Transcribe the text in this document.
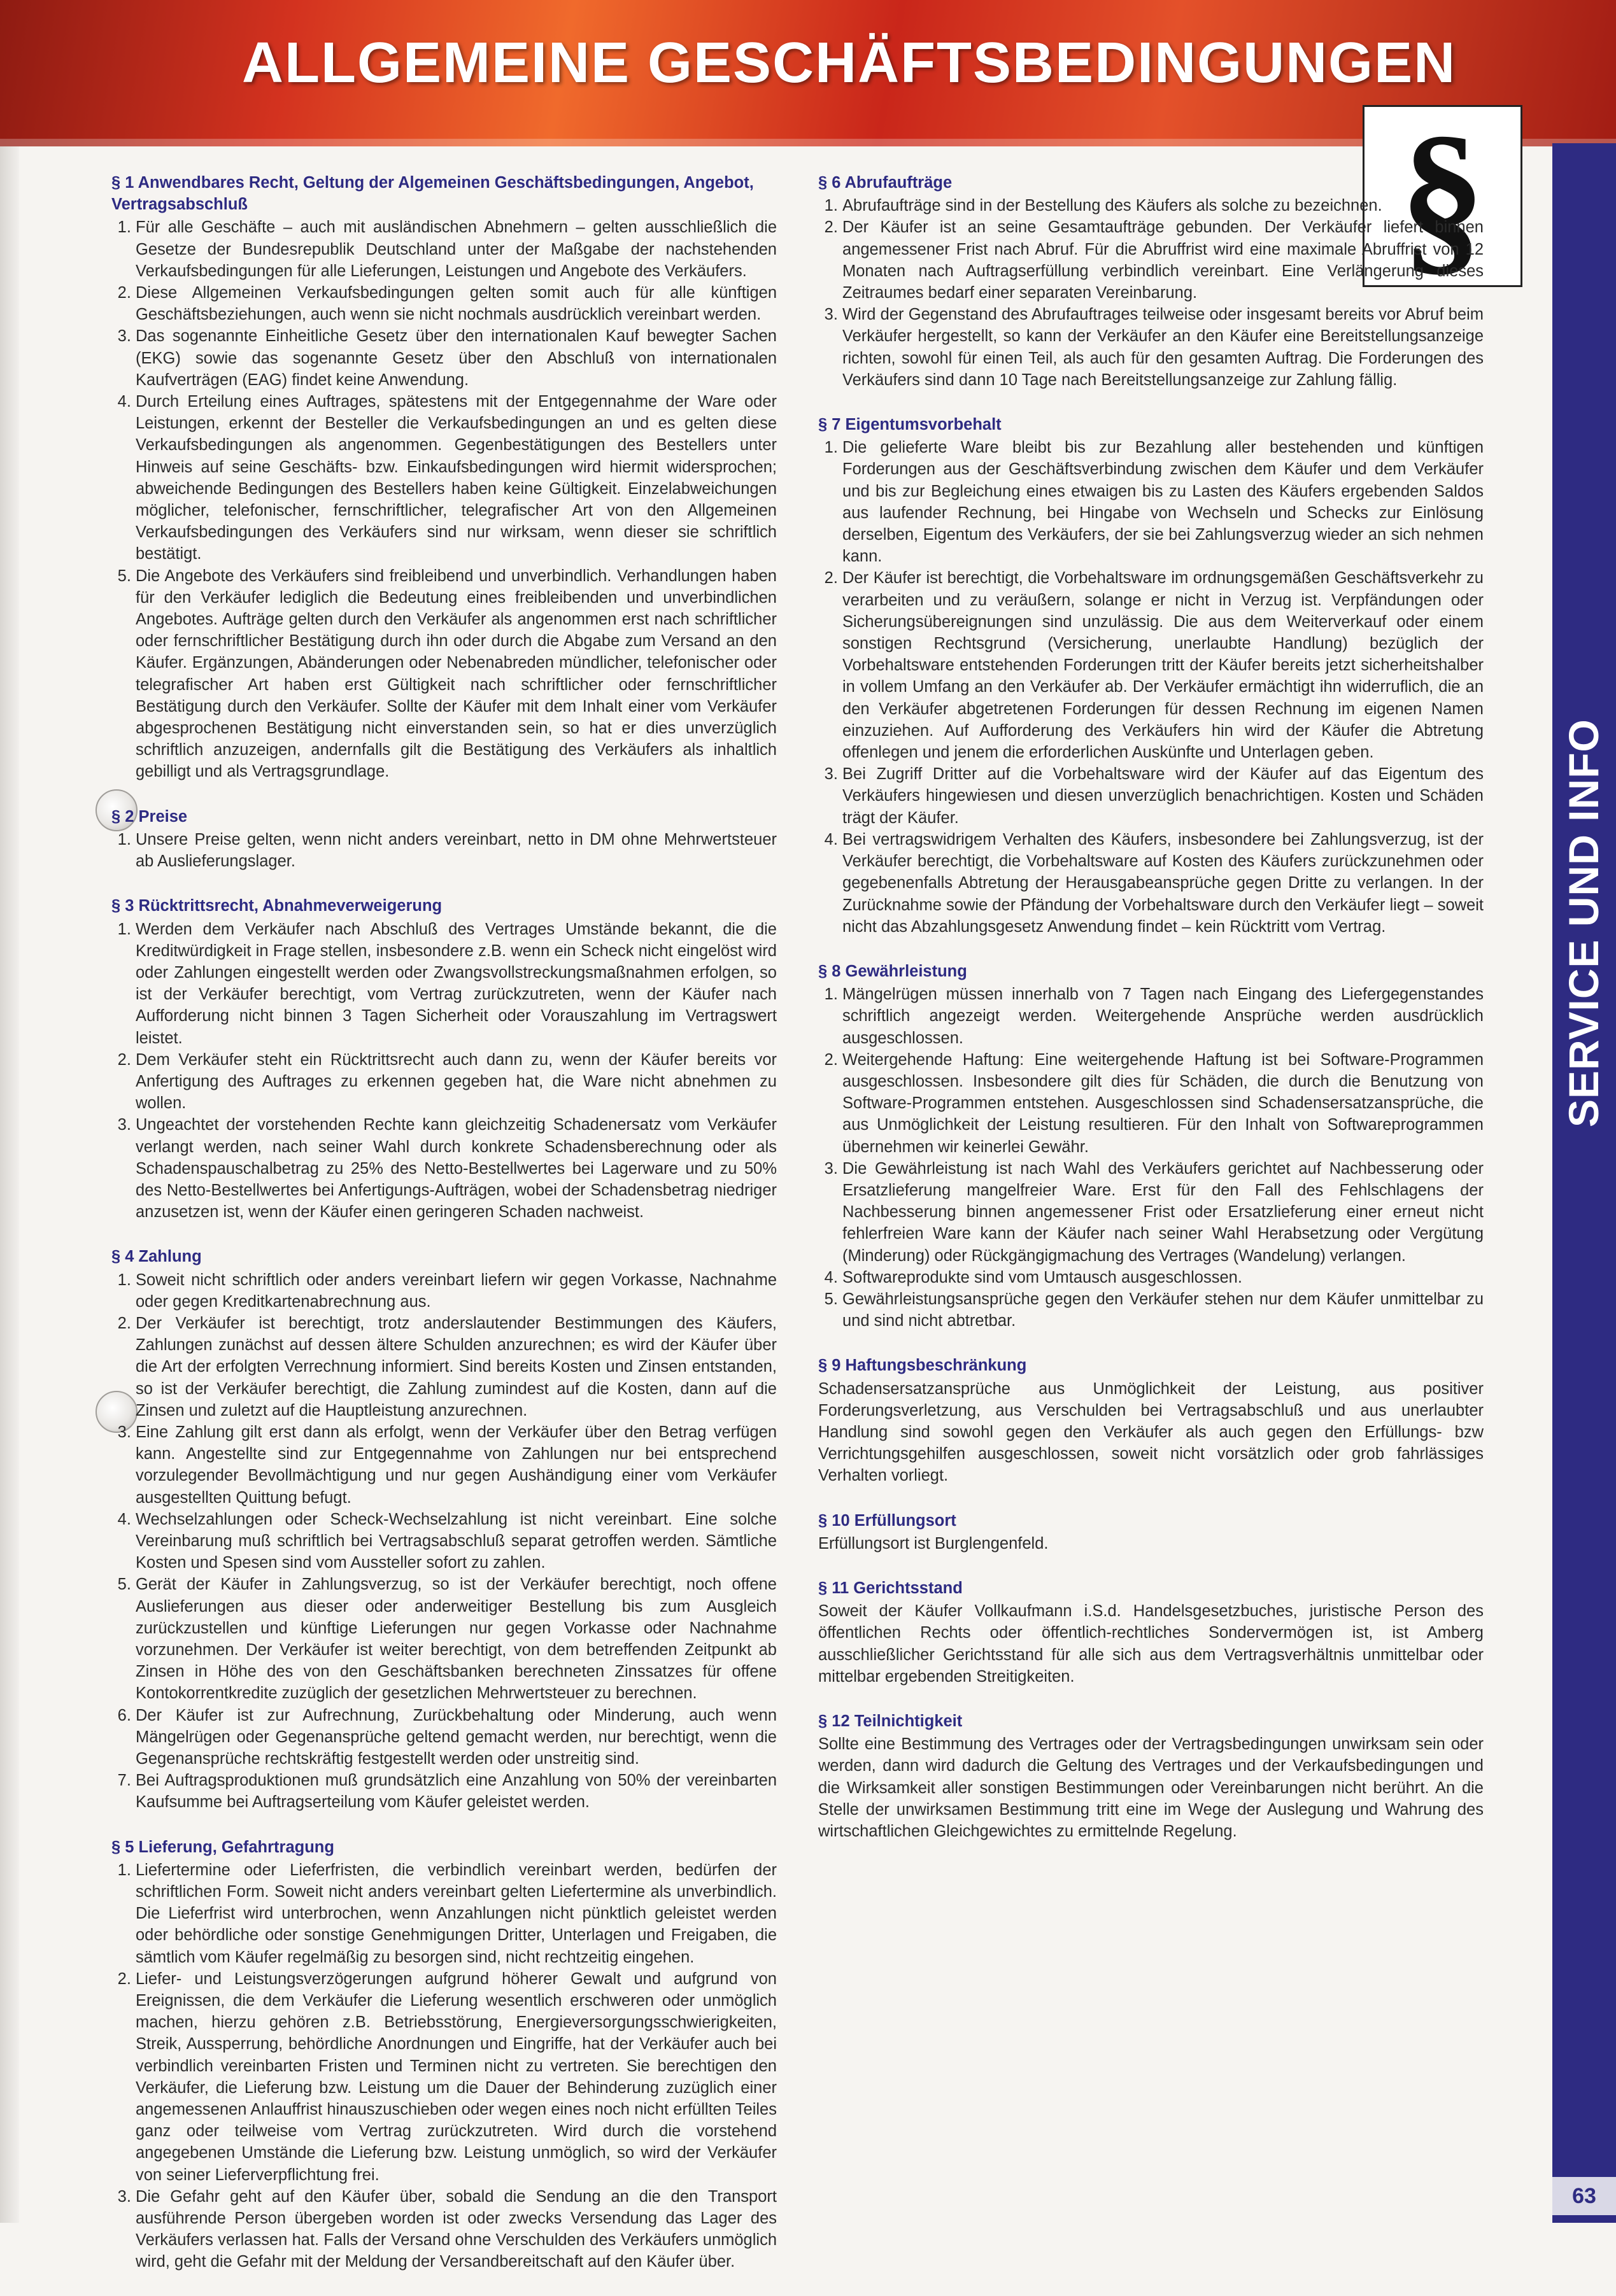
ALLGEMEINE GESCHÄFTSBEDINGUNGEN
§
SERVICE UND INFO
63
§ 1 Anwendbares Recht, Geltung der Algemeinen Geschäftsbedingungen, Angebot, Vertragsabschluß
1. Für alle Geschäfte – auch mit ausländischen Abnehmern – gelten ausschließlich die Gesetze der Bundesrepublik Deutschland unter der Maßgabe der nachstehenden Verkaufsbedingungen für alle Lieferungen, Leistungen und Angebote des Verkäufers.
2. Diese Allgemeinen Verkaufsbedingungen gelten somit auch für alle künftigen Geschäftsbeziehungen, auch wenn sie nicht nochmals ausdrücklich vereinbart werden.
3. Das sogenannte Einheitliche Gesetz über den internationalen Kauf bewegter Sachen (EKG) sowie das sogenannte Gesetz über den Abschluß von internationalen Kaufverträgen (EAG) findet keine Anwendung.
4. Durch Erteilung eines Auftrages, spätestens mit der Entgegennahme der Ware oder Leistungen, erkennt der Besteller die Verkaufsbedingungen an und es gelten diese Verkaufsbedingungen als angenommen. Gegenbestätigungen des Bestellers unter Hinweis auf seine Geschäfts- bzw. Einkaufsbedingungen wird hiermit widersprochen; abweichende Bedingungen des Bestellers haben keine Gültigkeit. Einzelabweichungen möglicher, telefonischer, fernschriftlicher, telegrafischer Art von den Allgemeinen Verkaufsbedingungen des Verkäufers sind nur wirksam, wenn dieser sie schriftlich bestätigt.
5. Die Angebote des Verkäufers sind freibleibend und unverbindlich. Verhandlungen haben für den Verkäufer lediglich die Bedeutung eines freibleibenden und unverbindlichen Angebotes. Aufträge gelten durch den Verkäufer als angenommen erst nach schriftlicher oder fernschriftlicher Bestätigung durch ihn oder durch die Abgabe zum Versand an den Käufer. Ergänzungen, Abänderungen oder Nebenabreden mündlicher, telefonischer oder telegrafischer Art haben erst Gültigkeit nach schriftlicher oder fernschriftlicher Bestätigung durch den Verkäufer. Sollte der Käufer mit dem Inhalt einer vom Verkäufer abgesprochenen Bestätigung nicht einverstanden sein, so hat er dies unverzüglich schriftlich anzuzeigen, andernfalls gilt die Bestätigung des Verkäufers als inhaltlich gebilligt und als Vertragsgrundlage.
§ 2 Preise
1. Unsere Preise gelten, wenn nicht anders vereinbart, netto in DM ohne Mehrwertsteuer ab Auslieferungslager.
§ 3 Rücktrittsrecht, Abnahmeverweigerung
1. Werden dem Verkäufer nach Abschluß des Vertrages Umstände bekannt, die die Kreditwürdigkeit in Frage stellen, insbesondere z.B. wenn ein Scheck nicht eingelöst wird oder Zahlungen eingestellt werden oder Zwangsvollstreckungsmaßnahmen erfolgen, so ist der Verkäufer berechtigt, vom Vertrag zurückzutreten, wenn der Käufer nach Aufforderung nicht binnen 3 Tagen Sicherheit oder Vorauszahlung im Vertragswert leistet.
2. Dem Verkäufer steht ein Rücktrittsrecht auch dann zu, wenn der Käufer bereits vor Anfertigung des Auftrages zu erkennen gegeben hat, die Ware nicht abnehmen zu wollen.
3. Ungeachtet der vorstehenden Rechte kann gleichzeitig Schadenersatz vom Verkäufer verlangt werden, nach seiner Wahl durch konkrete Schadensberechnung oder als Schadenspauschalbetrag zu 25% des Netto-Bestellwertes bei Lagerware und zu 50% des Netto-Bestellwertes bei Anfertigungs-Aufträgen, wobei der Schadensbetrag niedriger anzusetzen ist, wenn der Käufer einen geringeren Schaden nachweist.
§ 4 Zahlung
1. Soweit nicht schriftlich oder anders vereinbart liefern wir gegen Vorkasse, Nachnahme oder gegen Kreditkartenabrechnung aus.
2. Der Verkäufer ist berechtigt, trotz anderslautender Bestimmungen des Käufers, Zahlungen zunächst auf dessen ältere Schulden anzurechnen; es wird der Käufer über die Art der erfolgten Verrechnung informiert. Sind bereits Kosten und Zinsen entstanden, so ist der Verkäufer berechtigt, die Zahlung zumindest auf die Kosten, dann auf die Zinsen und zuletzt auf die Hauptleistung anzurechnen.
3. Eine Zahlung gilt erst dann als erfolgt, wenn der Verkäufer über den Betrag verfügen kann. Angestellte sind zur Entgegennahme von Zahlungen nur bei entsprechend vorzulegender Bevollmächtigung und nur gegen Aushändigung einer vom Verkäufer ausgestellten Quittung befugt.
4. Wechselzahlungen oder Scheck-Wechselzahlung ist nicht vereinbart. Eine solche Vereinbarung muß schriftlich bei Vertragsabschluß separat getroffen werden. Sämtliche Kosten und Spesen sind vom Aussteller sofort zu zahlen.
5. Gerät der Käufer in Zahlungsverzug, so ist der Verkäufer berechtigt, noch offene Auslieferungen aus dieser oder anderweitiger Bestellung bis zum Ausgleich zurückzustellen und künftige Lieferungen nur gegen Vorkasse oder Nachnahme vorzunehmen. Der Verkäufer ist weiter berechtigt, von dem betreffenden Zeitpunkt ab Zinsen in Höhe des von den Geschäftsbanken berechneten Zinssatzes für offene Kontokorrentkredite zuzüglich der gesetzlichen Mehrwertsteuer zu berechnen.
6. Der Käufer ist zur Aufrechnung, Zurückbehaltung oder Minderung, auch wenn Mängelrügen oder Gegenansprüche geltend gemacht werden, nur berechtigt, wenn die Gegenansprüche rechtskräftig festgestellt werden oder unstreitig sind.
7. Bei Auftragsproduktionen muß grundsätzlich eine Anzahlung von 50% der vereinbarten Kaufsumme bei Auftragserteilung vom Käufer geleistet werden.
§ 5 Lieferung, Gefahrtragung
1. Liefertermine oder Lieferfristen, die verbindlich vereinbart werden, bedürfen der schriftlichen Form. Soweit nicht anders vereinbart gelten Liefertermine als unverbindlich. Die Lieferfrist wird unterbrochen, wenn Anzahlungen nicht pünktlich geleistet werden oder behördliche oder sonstige Genehmigungen Dritter, Unterlagen und Freigaben, die sämtlich vom Käufer regelmäßig zu besorgen sind, nicht rechtzeitig eingehen.
2. Liefer- und Leistungsverzögerungen aufgrund höherer Gewalt und aufgrund von Ereignissen, die dem Verkäufer die Lieferung wesentlich erschweren oder unmöglich machen, hierzu gehören z.B. Betriebsstörung, Energieversorgungsschwierigkeiten, Streik, Aussperrung, behördliche Anordnungen und Eingriffe, hat der Verkäufer auch bei verbindlich vereinbarten Fristen und Terminen nicht zu vertreten. Sie berechtigen den Verkäufer, die Lieferung bzw. Leistung um die Dauer der Behinderung zuzüglich einer angemessenen Anlauffrist hinauszuschieben oder wegen eines noch nicht erfüllten Teiles ganz oder teilweise vom Vertrag zurückzutreten. Wird durch die vorstehend angegebenen Umstände die Lieferung bzw. Leistung unmöglich, so wird der Verkäufer von seiner Lieferverpflichtung frei.
3. Die Gefahr geht auf den Käufer über, sobald die Sendung an die den Transport ausführende Person übergeben worden ist oder zwecks Versendung das Lager des Verkäufers verlassen hat. Falls der Versand ohne Verschulden des Verkäufers unmöglich wird, geht die Gefahr mit der Meldung der Versandbereitschaft auf den Käufer über.
§ 6 Abrufaufträge
1. Abrufaufträge sind in der Bestellung des Käufers als solche zu bezeichnen.
2. Der Käufer ist an seine Gesamtaufträge gebunden. Der Verkäufer liefert binnen angemessener Frist nach Abruf. Für die Abruffrist wird eine maximale Abruffrist von 12 Monaten nach Auftragserfüllung verbindlich vereinbart. Eine Verlängerung dieses Zeitraumes bedarf einer separaten Vereinbarung.
3. Wird der Gegenstand des Abrufauftrages teilweise oder insgesamt bereits vor Abruf beim Verkäufer hergestellt, so kann der Verkäufer an den Käufer eine Bereitstellungsanzeige richten, sowohl für einen Teil, als auch für den gesamten Auftrag. Die Forderungen des Verkäufers sind dann 10 Tage nach Bereitstellungsanzeige zur Zahlung fällig.
§ 7 Eigentumsvorbehalt
1. Die gelieferte Ware bleibt bis zur Bezahlung aller bestehenden und künftigen Forderungen aus der Geschäftsverbindung zwischen dem Käufer und dem Verkäufer und bis zur Begleichung eines etwaigen bis zu Lasten des Käufers ergebenden Saldos aus laufender Rechnung, bei Hingabe von Wechseln und Schecks zur Einlösung derselben, Eigentum des Verkäufers, der sie bei Zahlungsverzug wieder an sich nehmen kann.
2. Der Käufer ist berechtigt, die Vorbehaltsware im ordnungsgemäßen Geschäftsverkehr zu verarbeiten und zu veräußern, solange er nicht in Verzug ist. Verpfändungen oder Sicherungsübereignungen sind unzulässig. Die aus dem Weiterverkauf oder einem sonstigen Rechtsgrund (Versicherung, unerlaubte Handlung) bezüglich der Vorbehaltsware entstehenden Forderungen tritt der Käufer bereits jetzt sicherheitshalber in vollem Umfang an den Verkäufer ab. Der Verkäufer ermächtigt ihn widerruflich, die an den Verkäufer abgetretenen Forderungen für dessen Rechnung im eigenen Namen einzuziehen. Auf Aufforderung des Verkäufers hin wird der Käufer die Abtretung offenlegen und jenem die erforderlichen Auskünfte und Unterlagen geben.
3. Bei Zugriff Dritter auf die Vorbehaltsware wird der Käufer auf das Eigentum des Verkäufers hingewiesen und diesen unverzüglich benachrichtigen. Kosten und Schäden trägt der Käufer.
4. Bei vertragswidrigem Verhalten des Käufers, insbesondere bei Zahlungsverzug, ist der Verkäufer berechtigt, die Vorbehaltsware auf Kosten des Käufers zurückzunehmen oder gegebenenfalls Abtretung der Herausgabeansprüche gegen Dritte zu verlangen. In der Zurücknahme sowie der Pfändung der Vorbehaltsware durch den Verkäufer liegt – soweit nicht das Abzahlungsgesetz Anwendung findet – kein Rücktritt vom Vertrag.
§ 8 Gewährleistung
1. Mängelrügen müssen innerhalb von 7 Tagen nach Eingang des Liefergegenstandes schriftlich angezeigt werden. Weitergehende Ansprüche werden ausdrücklich ausgeschlossen.
2. Weitergehende Haftung: Eine weitergehende Haftung ist bei Software-Programmen ausgeschlossen. Insbesondere gilt dies für Schäden, die durch die Benutzung von Software-Programmen entstehen. Ausgeschlossen sind Schadensersatzansprüche, die aus Unmöglichkeit der Leistung resultieren. Für den Inhalt von Softwareprogrammen übernehmen wir keinerlei Gewähr.
3. Die Gewährleistung ist nach Wahl des Verkäufers gerichtet auf Nachbesserung oder Ersatzlieferung mangelfreier Ware. Erst für den Fall des Fehlschlagens der Nachbesserung binnen angemessener Frist oder Ersatzlieferung einer erneut nicht fehlerfreien Ware kann der Käufer nach seiner Wahl Herabsetzung oder Vergütung (Minderung) oder Rückgängigmachung des Vertrages (Wandelung) verlangen.
4. Softwareprodukte sind vom Umtausch ausgeschlossen.
5. Gewährleistungsansprüche gegen den Verkäufer stehen nur dem Käufer unmittelbar zu und sind nicht abtretbar.
§ 9 Haftungsbeschränkung

Schadensersatzansprüche aus Unmöglichkeit der Leistung, aus positiver Forderungsverletzung, aus Verschulden bei Vertragsabschluß und aus unerlaubter Handlung sind sowohl gegen den Verkäufer als auch gegen den Erfüllungs- bzw Verrichtungsgehilfen ausgeschlossen, soweit nicht vorsätzlich oder grob fahrlässiges Verhalten vorliegt.

§ 10 Erfüllungsort

Erfüllungsort ist Burglengenfeld.

§ 11 Gerichtsstand

Soweit der Käufer Vollkaufmann i.S.d. Handelsgesetzbuches, juristische Person des öffentlichen Rechts oder öffentlich-rechtliches Sondervermögen ist, ist Amberg ausschließlicher Gerichtsstand für alle sich aus dem Vertragsverhältnis unmittelbar oder mittelbar ergebenden Streitigkeiten.

§ 12 Teilnichtigkeit

Sollte eine Bestimmung des Vertrages oder der Vertragsbedingungen unwirksam sein oder werden, dann wird dadurch die Geltung des Vertrages und der Verkaufsbedingungen und die Wirksamkeit aller sonstigen Bestimmungen oder Vereinbarungen nicht berührt. An die Stelle der unwirksamen Bestimmung tritt eine im Wege der Auslegung und Wahrung des wirtschaftlichen Gleichgewichtes zu ermittelnde Regelung.
